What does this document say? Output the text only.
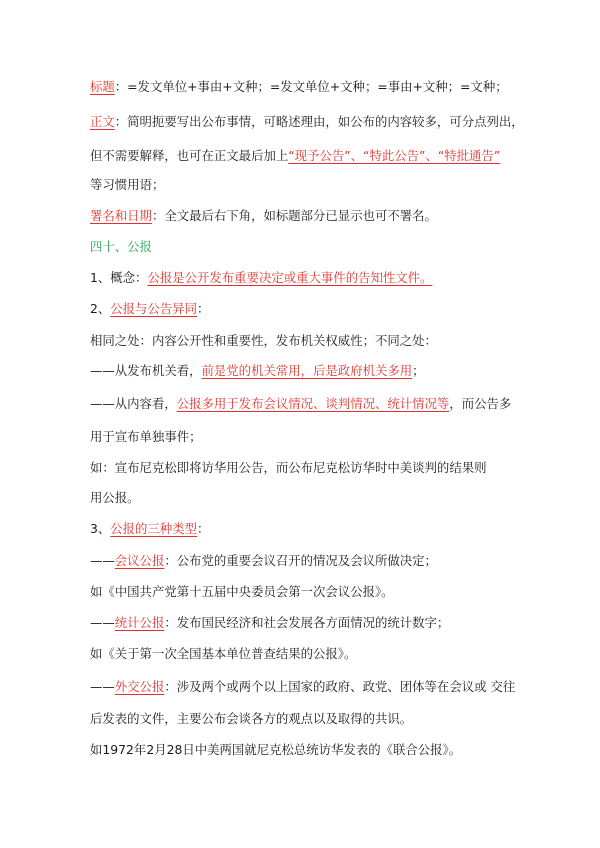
标题：=发文单位+事由+文种；=发文单位+文种；=事由+文种；=文种；
正文：简明扼要写出公布事情，可略述理由，如公布的内容较多，可分点列出，
但不需要解释，也可在正文最后加上“现予公告”、“特此公告”、“特批通告”
等习惯用语；
署名和日期：全文最后右下角，如标题部分已显示也可不署名。
四十、公报
1、概念：公报是公开发布重要决定或重大事件的告知性文件。
2、公报与公告异同：
相同之处：内容公开性和重要性，发布机关权威性；不同之处：
——从发布机关看，前是党的机关常用，后是政府机关多用；
——从内容看，公报多用于发布会议情况、谈判情况、统计情况等，而公告多
用于宣布单独事件；
如：宣布尼克松即将访华用公告，而公布尼克松访华时中美谈判的结果则
用公报。
3、公报的三种类型：
——会议公报：公布党的重要会议召开的情况及会议所做决定；
如《中国共产党第十五届中央委员会第一次会议公报》。
——统计公报：发布国民经济和社会发展各方面情况的统计数字；
如《关于第一次全国基本单位普查结果的公报》。
——外交公报：涉及两个或两个以上国家的政府、政党、团体等在会议或 交往
后发表的文件，主要公布会谈各方的观点以及取得的共识。
如1972年2月28日中美两国就尼克松总统访华发表的《联合公报》。
